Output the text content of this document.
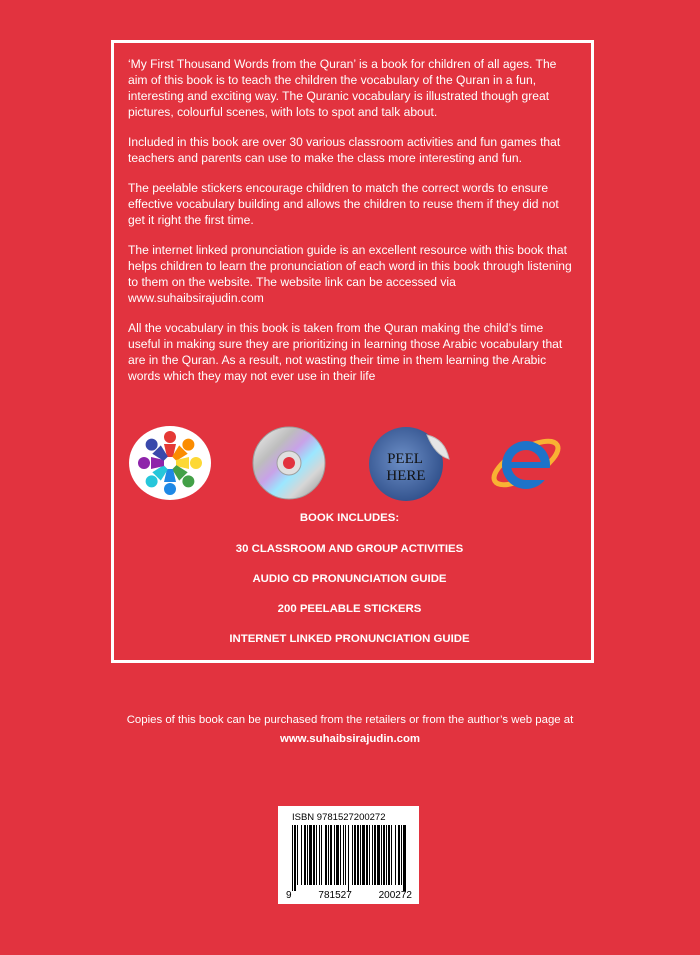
‘My First Thousand Words from the Quran’ is a book for children of all ages. The aim of this book is to teach the children the vocabulary of the Quran in a fun, interesting and exciting way. The Quranic vocabulary is illustrated though great pictures, colourful scenes, with lots to spot and talk about.

Included in this book are over 30 various classroom activities and fun games that teachers and parents can use to make the class more interesting and fun.

The peelable stickers encourage children to match the correct words to ensure effective vocabulary building and allows the children to reuse them if they did not get it right the first time.

The internet linked pronunciation guide is an excellent resource with this book that helps children to learn the pronunciation of each word in this book through listening to them on the website. The website link can be accessed via www.suhaibsirajudin.com

All the vocabulary in this book is taken from the Quran making the child’s time useful in making sure they are prioritizing in learning those Arabic vocabulary that are in the Quran. As a result, not wasting their time in them learning the Arabic words which they may not ever use in their life

PEEL
HERE
BOOK INCLUDES:
30 CLASSROOM AND GROUP ACTIVITIES
AUDIO CD PRONUNCIATION GUIDE
200 PEELABLE STICKERS
INTERNET LINKED PRONUNCIATION GUIDE
Copies of this book can be purchased from the retailers or from the author’s web page at
www.suhaibsirajudin.com
ISBN 9781527200272
9	781527	200272
